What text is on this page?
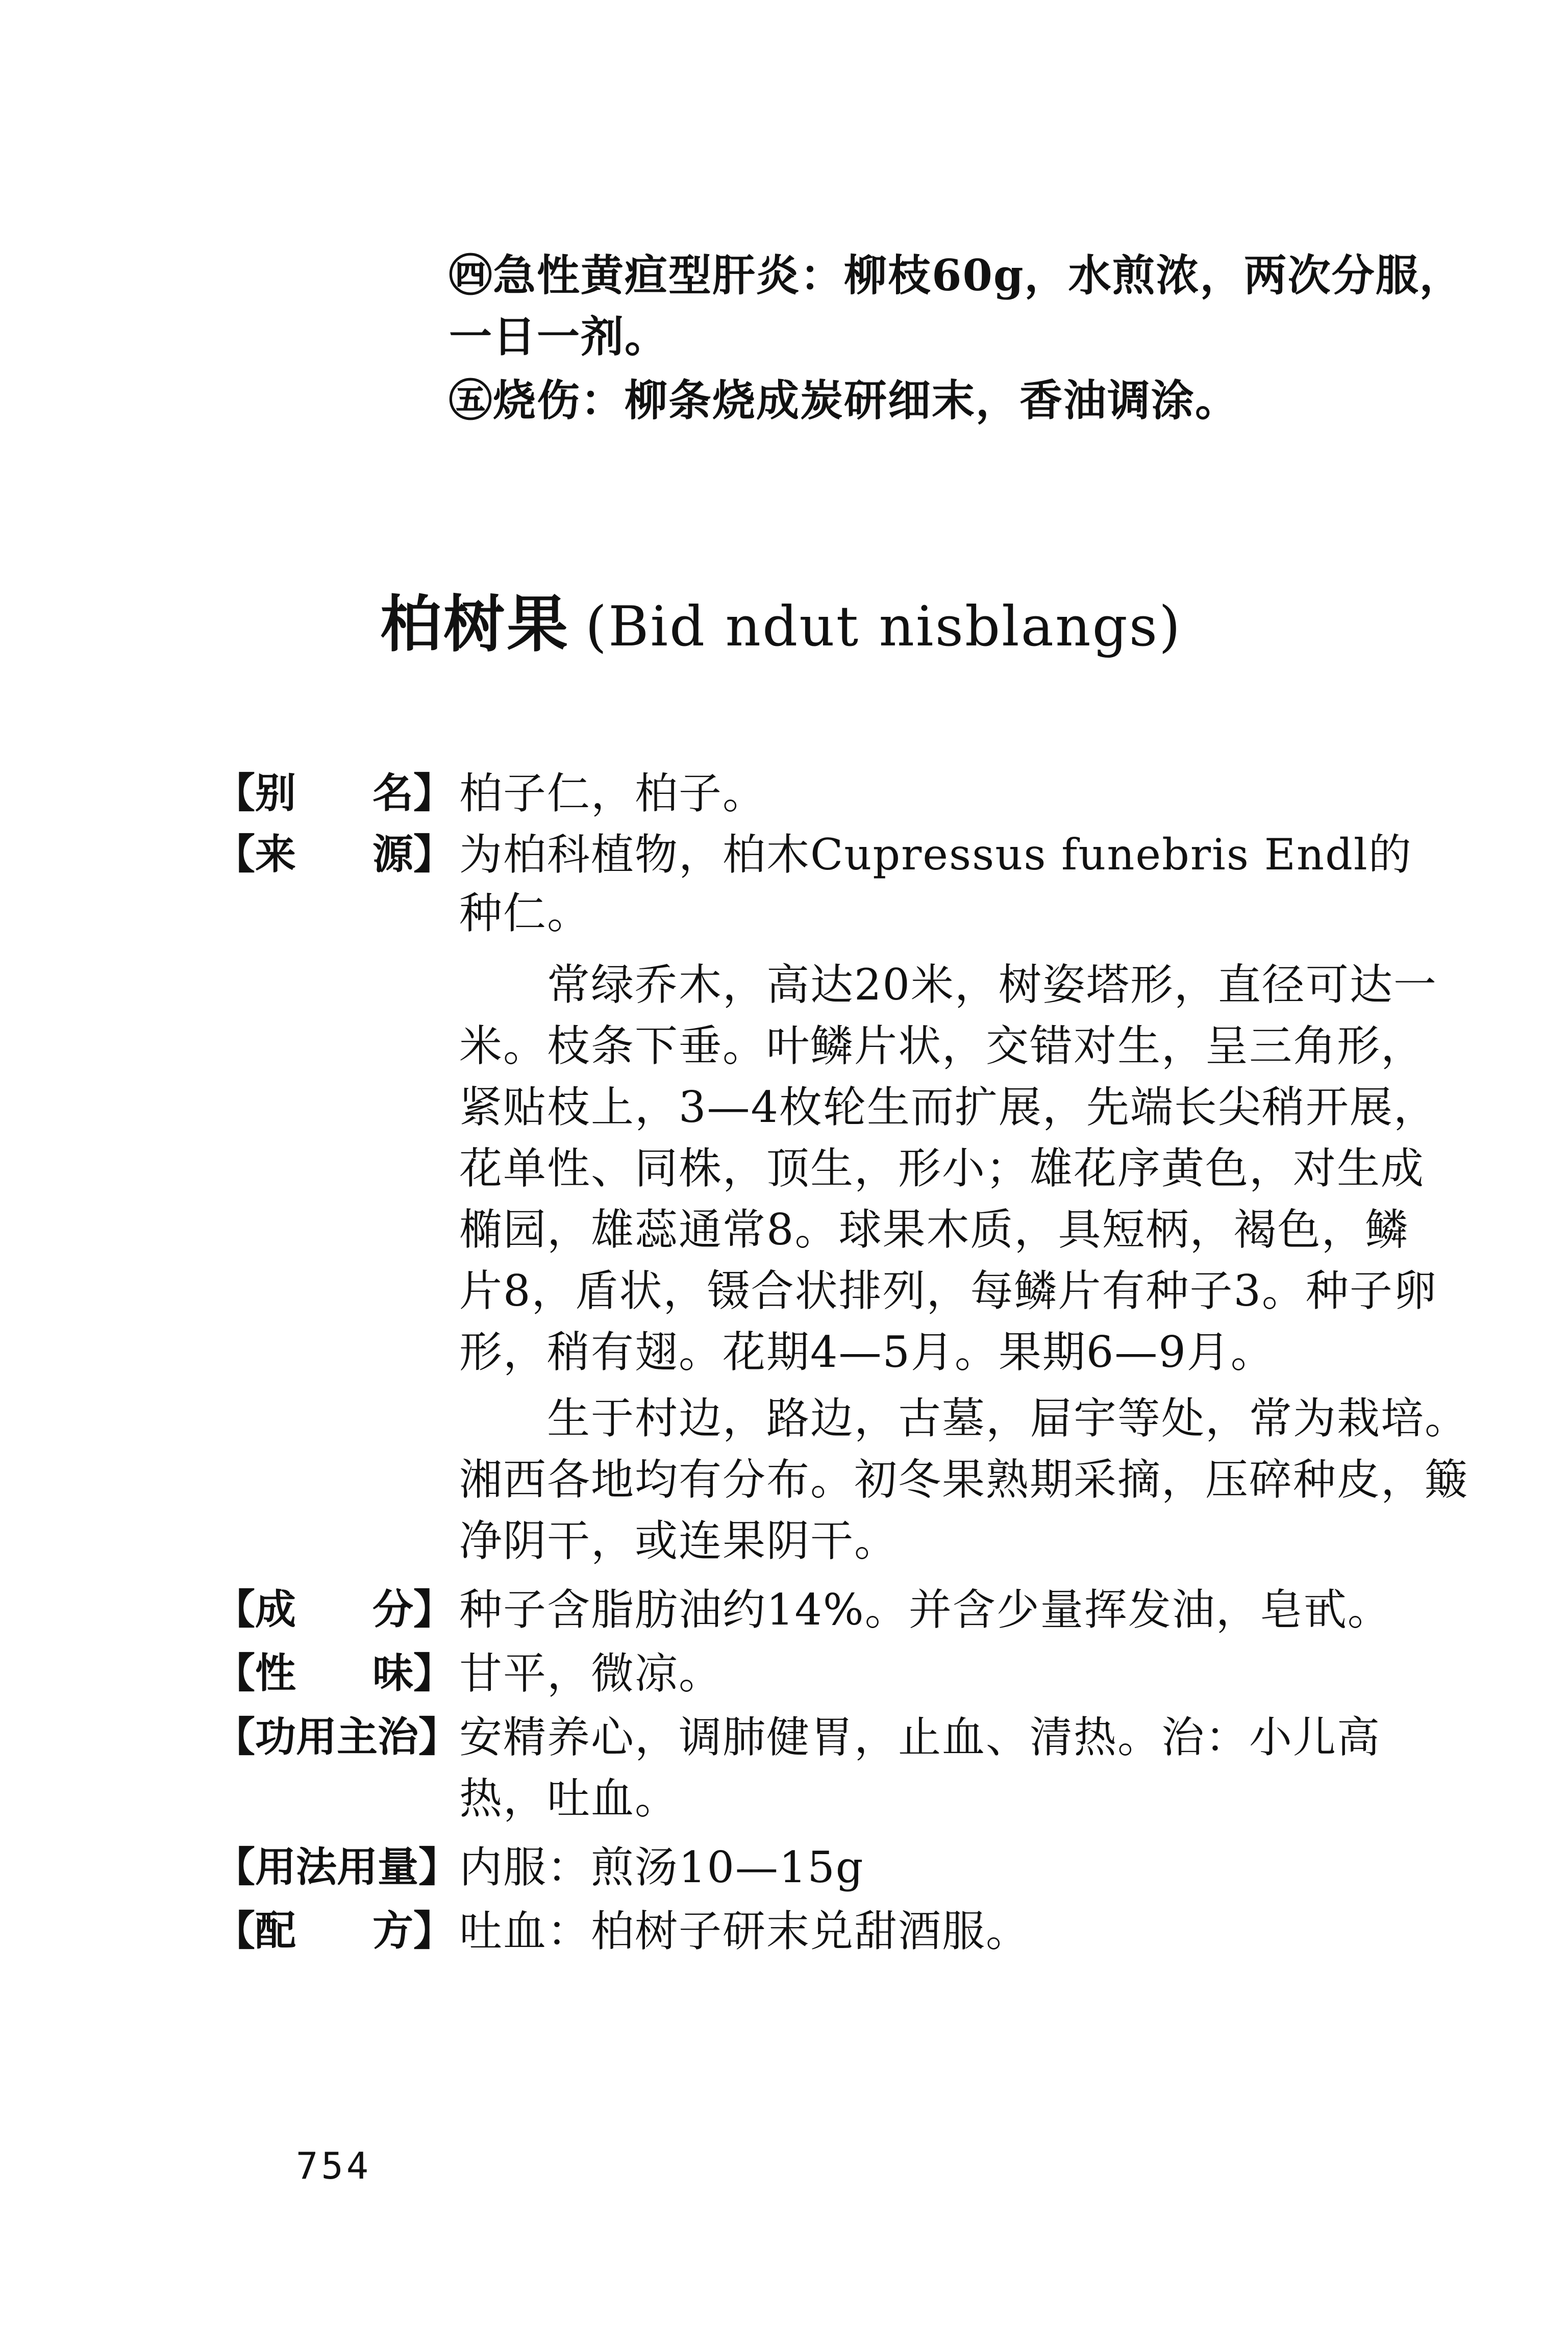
㊃急性黄疸型肝炎：柳枝60g，水煎浓，两次分服，
一日一剂。
㊄烧伤：柳条烧成炭研细末，香油调涂。
柏树果 (Bid ndut nisblangs)
【别 名】 柏子仁，柏子。
【来 源】 为柏科植物，柏木Cupressus funebris Endl的
种仁。
　　常绿乔木，高达20米，树姿塔形，直径可达一
米。枝条下垂。叶鳞片状，交错对生，呈三角形，
紧贴枝上，3—4枚轮生而扩展，先端长尖稍开展，
花单性、同株，顶生，形小；雄花序黄色，对生成
椭园，雄蕊通常8。球果木质，具短柄，褐色，鳞
片8，盾状，镊合状排列，每鳞片有种子3。种子卵
形，稍有翅。花期4—5月。果期6—9月。
　　生于村边，路边，古墓，屇宇等处，常为栽培。
湘西各地均有分布。初冬果熟期采摘，压碎种皮，簸
净阴干，或连果阴干。
【成 分】 种子含脂肪油约14%。并含少量挥发油，皂甙。
【性 味】 甘平，微凉。
【功用主治】 安精养心，调肺健胃，止血、清热。治：小儿高
热，吐血。
【用法用量】 内服：煎汤10—15g
【配 方】 吐血：柏树子研末兑甜酒服。
754
